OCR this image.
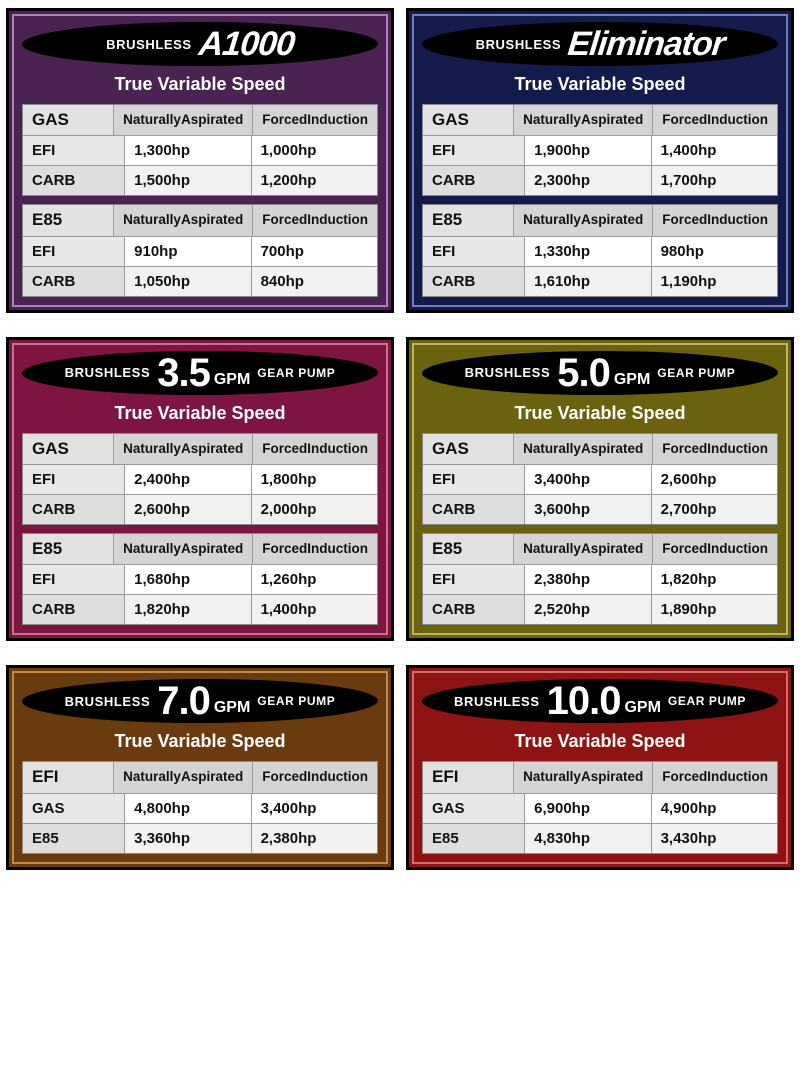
BRUSHLESS A1000
True Variable Speed
GAS	Naturally Aspirated Forced Induction
EFI	1,300hp	1,000hp
CARB	1,500hp	1,200hp
E85	Naturally Aspirated Forced Induction
EFI	910hp	700hp
CARB	1,050hp	840hp
BRUSHLESS Eliminator
True Variable Speed
GAS	Naturally Aspirated Forced Induction
EFI	1,900hp	1,400hp
CARB	2,300hp	1,700hp
E85	Naturally Aspirated Forced Induction
EFI	1,330hp	980hp
CARB	1,610hp	1,190hp
BRUSHLESS 3.5 GPM GEAR PUMP
True Variable Speed
GAS	Naturally Aspirated Forced Induction
EFI	2,400hp	1,800hp
CARB	2,600hp	2,000hp
E85	Naturally Aspirated Forced Induction
EFI	1,680hp	1,260hp
CARB	1,820hp	1,400hp
BRUSHLESS 5.0 GPM GEAR PUMP
True Variable Speed
GAS	Naturally Aspirated Forced Induction
EFI	3,400hp	2,600hp
CARB	3,600hp	2,700hp
E85	Naturally Aspirated Forced Induction
EFI	2,380hp	1,820hp
CARB	2,520hp	1,890hp
BRUSHLESS 7.0 GPM GEAR PUMP
True Variable Speed
EFI	Naturally Aspirated Forced Induction
GAS	4,800hp	3,400hp
E85	3,360hp	2,380hp
BRUSHLESS 10.0 GPM GEAR PUMP
True Variable Speed
EFI	Naturally Aspirated Forced Induction
GAS	6,900hp	4,900hp
E85	4,830hp	3,430hp
